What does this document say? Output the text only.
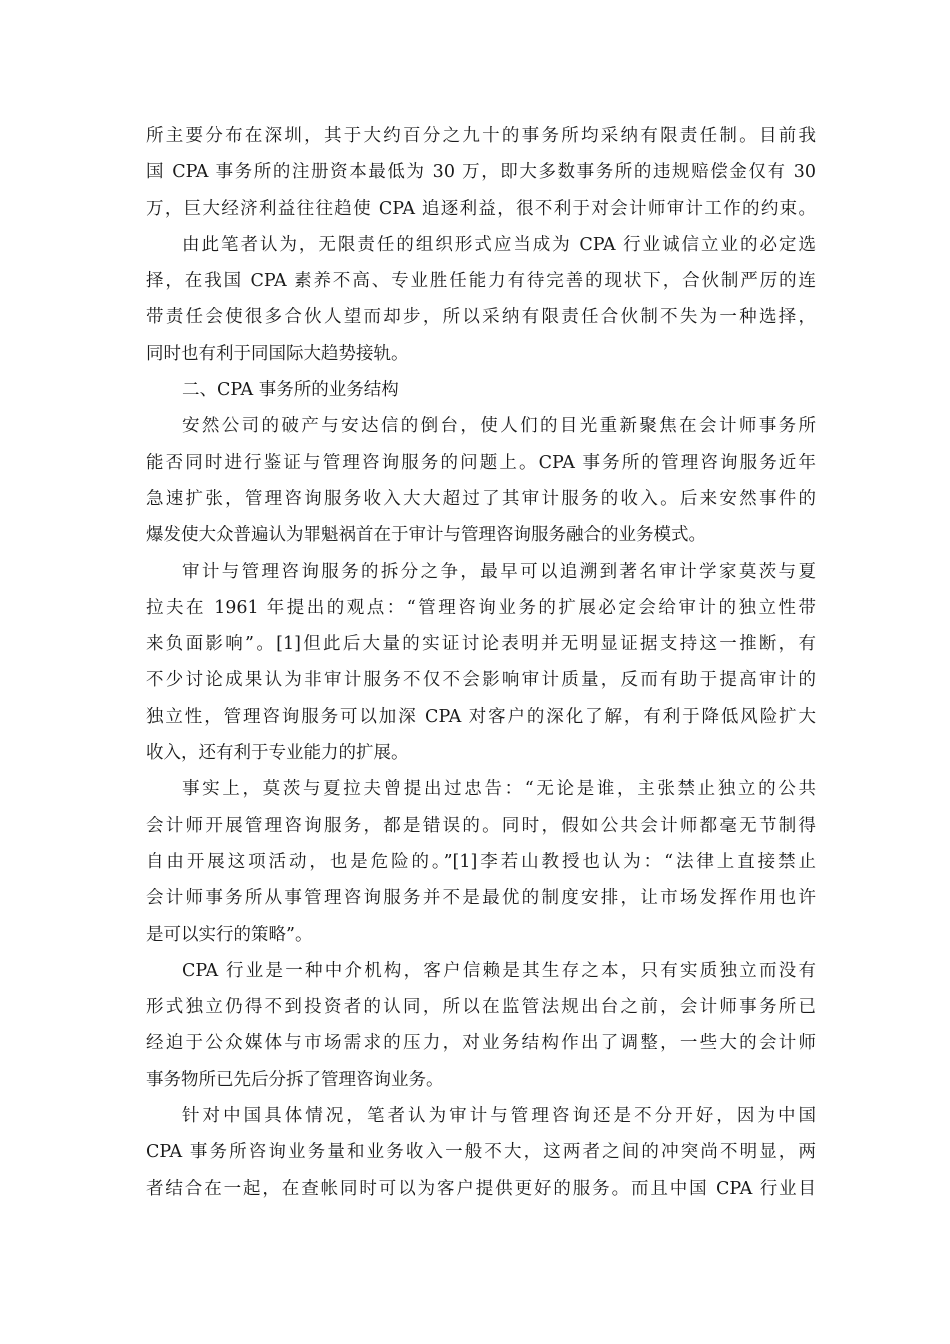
所主要分布在深圳，其于大约百分之九十的事务所均采纳有限责任制。目前我
国 CPA 事务所的注册资本最低为 30 万，即大多数事务所的违规赔偿金仅有 30
万，巨大经济利益往往趋使 CPA 追逐利益，很不利于对会计师审计工作的约束。
由此笔者认为，无限责任的组织形式应当成为 CPA 行业诚信立业的必定选
择，在我国 CPA 素养不高、专业胜任能力有待完善的现状下，合伙制严厉的连
带责任会使很多合伙人望而却步，所以采纳有限责任合伙制不失为一种选择，
同时也有利于同国际大趋势接轨。
二、CPA 事务所的业务结构
安然公司的破产与安达信的倒台，使人们的目光重新聚焦在会计师事务所
能否同时进行鉴证与管理咨询服务的问题上。CPA 事务所的管理咨询服务近年
急速扩张，管理咨询服务收入大大超过了其审计服务的收入。后来安然事件的
爆发使大众普遍认为罪魁祸首在于审计与管理咨询服务融合的业务模式。
审计与管理咨询服务的拆分之争，最早可以追溯到著名审计学家莫茨与夏
拉夫在 1961 年提出的观点：“管理咨询业务的扩展必定会给审计的独立性带
来负面影响”。[1]但此后大量的实证讨论表明并无明显证据支持这一推断，有
不少讨论成果认为非审计服务不仅不会影响审计质量，反而有助于提高审计的
独立性，管理咨询服务可以加深 CPA 对客户的深化了解，有利于降低风险扩大
收入，还有利于专业能力的扩展。
事实上，莫茨与夏拉夫曾提出过忠告：“无论是谁，主张禁止独立的公共
会计师开展管理咨询服务，都是错误的。同时，假如公共会计师都毫无节制得
自由开展这项活动，也是危险的。”[1]李若山教授也认为：“法律上直接禁止
会计师事务所从事管理咨询服务并不是最优的制度安排，让市场发挥作用也许
是可以实行的策略”。
CPA 行业是一种中介机构，客户信赖是其生存之本，只有实质独立而没有
形式独立仍得不到投资者的认同，所以在监管法规出台之前，会计师事务所已
经迫于公众媒体与市场需求的压力，对业务结构作出了调整，一些大的会计师
事务物所已先后分拆了管理咨询业务。
针对中国具体情况，笔者认为审计与管理咨询还是不分开好，因为中国
CPA 事务所咨询业务量和业务收入一般不大，这两者之间的冲突尚不明显，两
者结合在一起，在查帐同时可以为客户提供更好的服务。而且中国 CPA 行业目
